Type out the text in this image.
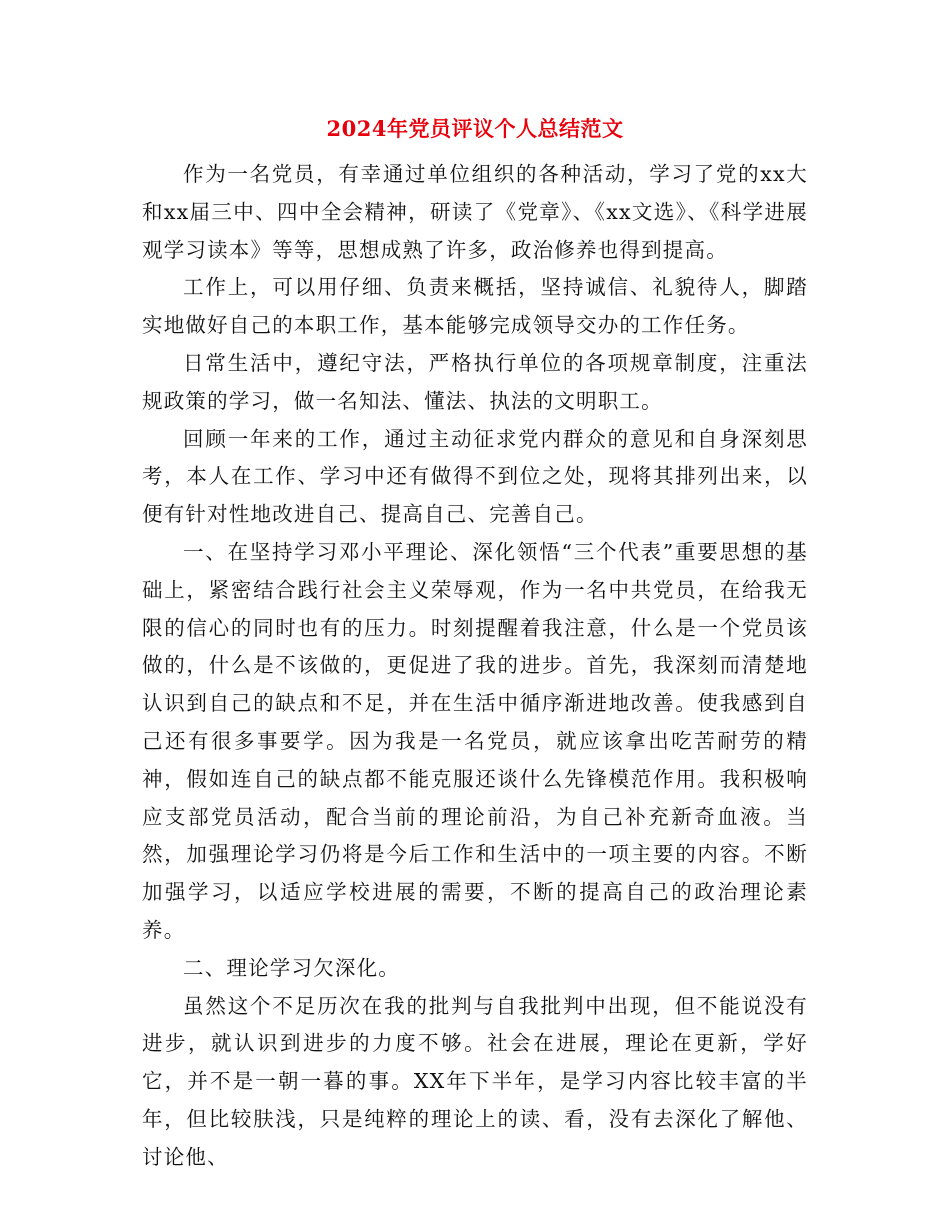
2024年党员评议个人总结范文

作为一名党员，有幸通过单位组织的各种活动，学习了党的xx大和xx届三中、四中全会精神，研读了《党章》、《xx文选》、《科学进展观学习读本》等等，思想成熟了许多，政治修养也得到提高。

工作上，可以用仔细、负责来概括，坚持诚信、礼貌待人，脚踏实地做好自己的本职工作，基本能够完成领导交办的工作任务。

日常生活中，遵纪守法，严格执行单位的各项规章制度，注重法规政策的学习，做一名知法、懂法、执法的文明职工。

回顾一年来的工作，通过主动征求党内群众的意见和自身深刻思考，本人在工作、学习中还有做得不到位之处，现将其排列出来，以便有针对性地改进自己、提高自己、完善自己。

一、在坚持学习邓小平理论、深化领悟“三个代表”重要思想的基础上，紧密结合践行社会主义荣辱观，作为一名中共党员，在给我无限的信心的同时也有的压力。时刻提醒着我注意，什么是一个党员该做的，什么是不该做的，更促进了我的进步。首先，我深刻而清楚地认识到自己的缺点和不足，并在生活中循序渐进地改善。使我感到自己还有很多事要学。因为我是一名党员，就应该拿出吃苦耐劳的精神，假如连自己的缺点都不能克服还谈什么先锋模范作用。我积极响应支部党员活动，配合当前的理论前沿，为自己补充新奇血液。当然，加强理论学习仍将是今后工作和生活中的一项主要的内容。不断加强学习，以适应学校进展的需要，不断的提高自己的政治理论素养。

二、理论学习欠深化。

虽然这个不足历次在我的批判与自我批判中出现，但不能说没有进步，就认识到进步的力度不够。社会在进展，理论在更新，学好它，并不是一朝一暮的事。XX年下半年，是学习内容比较丰富的半年，但比较肤浅，只是纯粹的理论上的读、看，没有去深化了解他、讨论他、
